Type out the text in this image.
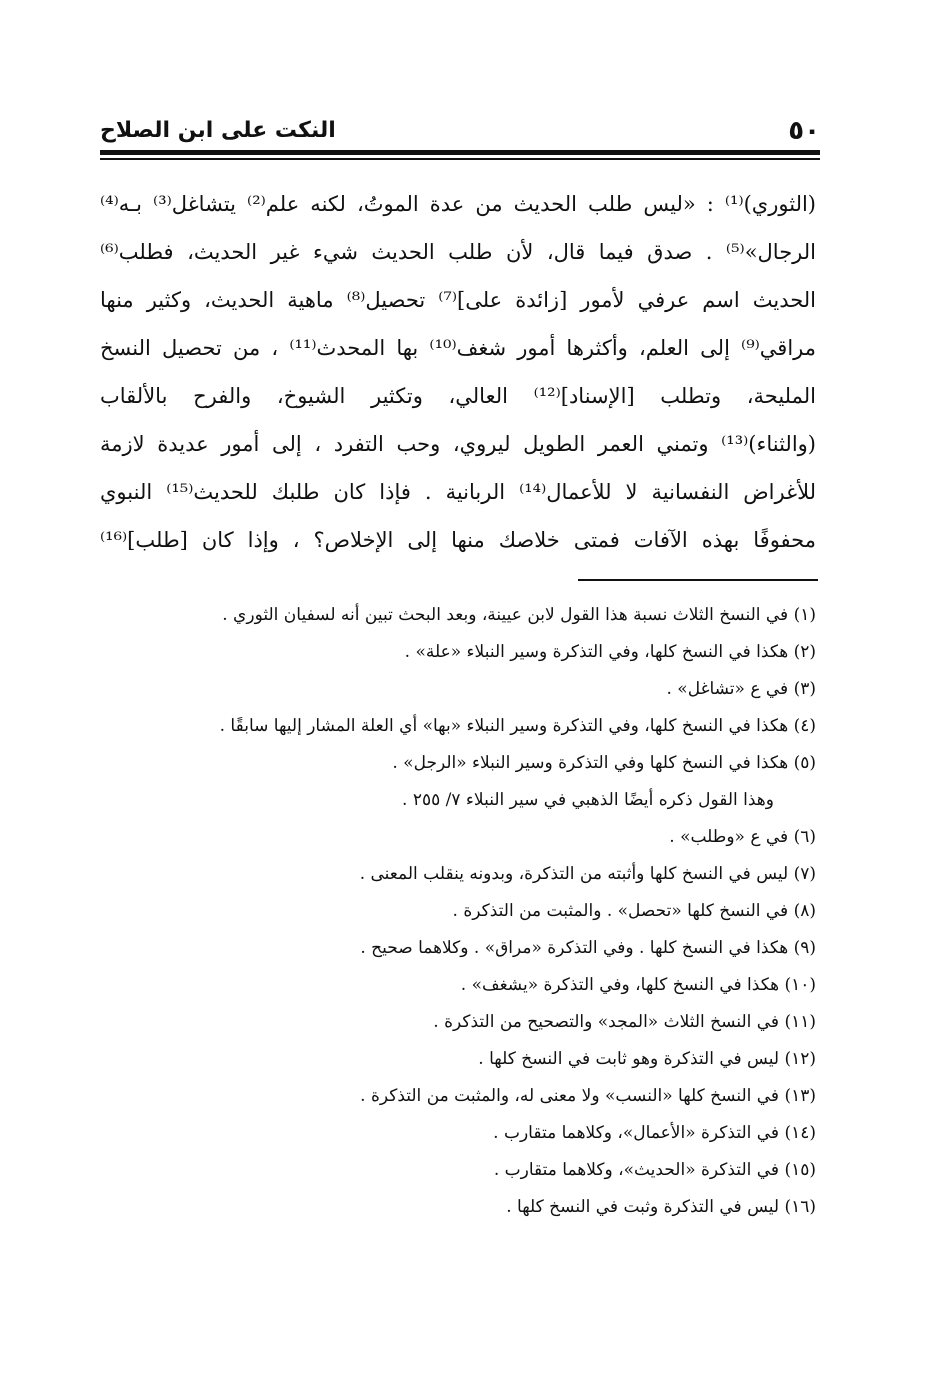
٥٠
النكت على ابن الصلاح
(الثوري)⁽¹⁾ : «ليس طلب الحديث من عدة الموتُ، لكنه علم⁽²⁾ يتشاغل⁽³⁾ بـه⁽⁴⁾
الرجال»⁽⁵⁾ . صدق فيما قال، لأن طلب الحديث شيء غير الحديث، فطلب⁽⁶⁾
الحديث اسم عرفي لأمور [زائدة على]⁽⁷⁾ تحصيل⁽⁸⁾ ماهية الحديث، وكثير منها
مراقي⁽⁹⁾ إلى العلم، وأكثرها أمور شغف⁽¹⁰⁾ بها المحدث⁽¹¹⁾ ، من تحصيل النسخ
المليحة، وتطلب [الإسناد]⁽¹²⁾ العالي، وتكثير الشيوخ، والفرح بالألقاب
(والثناء)⁽¹³⁾ وتمني العمر الطويل ليروي، وحب التفرد ، إلى أمور عديدة لازمة
للأغراض النفسانية لا للأعمال⁽¹⁴⁾ الربانية . فإذا كان طلبك للحديث⁽¹⁵⁾ النبوي
محفوفًا بهذه الآفات فمتى خلاصك منها إلى الإخلاص؟ ، وإذا كان [طلب]⁽¹⁶⁾
(١) في النسخ الثلاث نسبة هذا القول لابن عيينة، وبعد البحث تبين أنه لسفيان الثوري .
(٢) هكذا في النسخ كلها، وفي التذكرة وسير النبلاء «علة» .
(٣) في ع «تشاغل» .
(٤) هكذا في النسخ كلها، وفي التذكرة وسير النبلاء «بها» أي العلة المشار إليها سابقًا .
(٥) هكذا في النسخ كلها وفي التذكرة وسير النبلاء «الرجل» .
وهذا القول ذكره أيضًا الذهبي في سير النبلاء ٧/ ٢٥٥ .
(٦) في ع «وطلب» .
(٧) ليس في النسخ كلها وأثبته من التذكرة، وبدونه ينقلب المعنى .
(٨) في النسخ كلها «تحصل» . والمثبت من التذكرة .
(٩) هكذا في النسخ كلها . وفي التذكرة «مراق» . وكلاهما صحيح .
(١٠) هكذا في النسخ كلها، وفي التذكرة «يشغف» .
(١١) في النسخ الثلاث «المجد» والتصحيح من التذكرة .
(١٢) ليس في التذكرة وهو ثابت في النسخ كلها .
(١٣) في النسخ كلها «النسب» ولا معنى له، والمثبت من التذكرة .
(١٤) في التذكرة «الأعمال»، وكلاهما متقارب .
(١٥) في التذكرة «الحديث»، وكلاهما متقارب .
(١٦) ليس في التذكرة وثبت في النسخ كلها .
